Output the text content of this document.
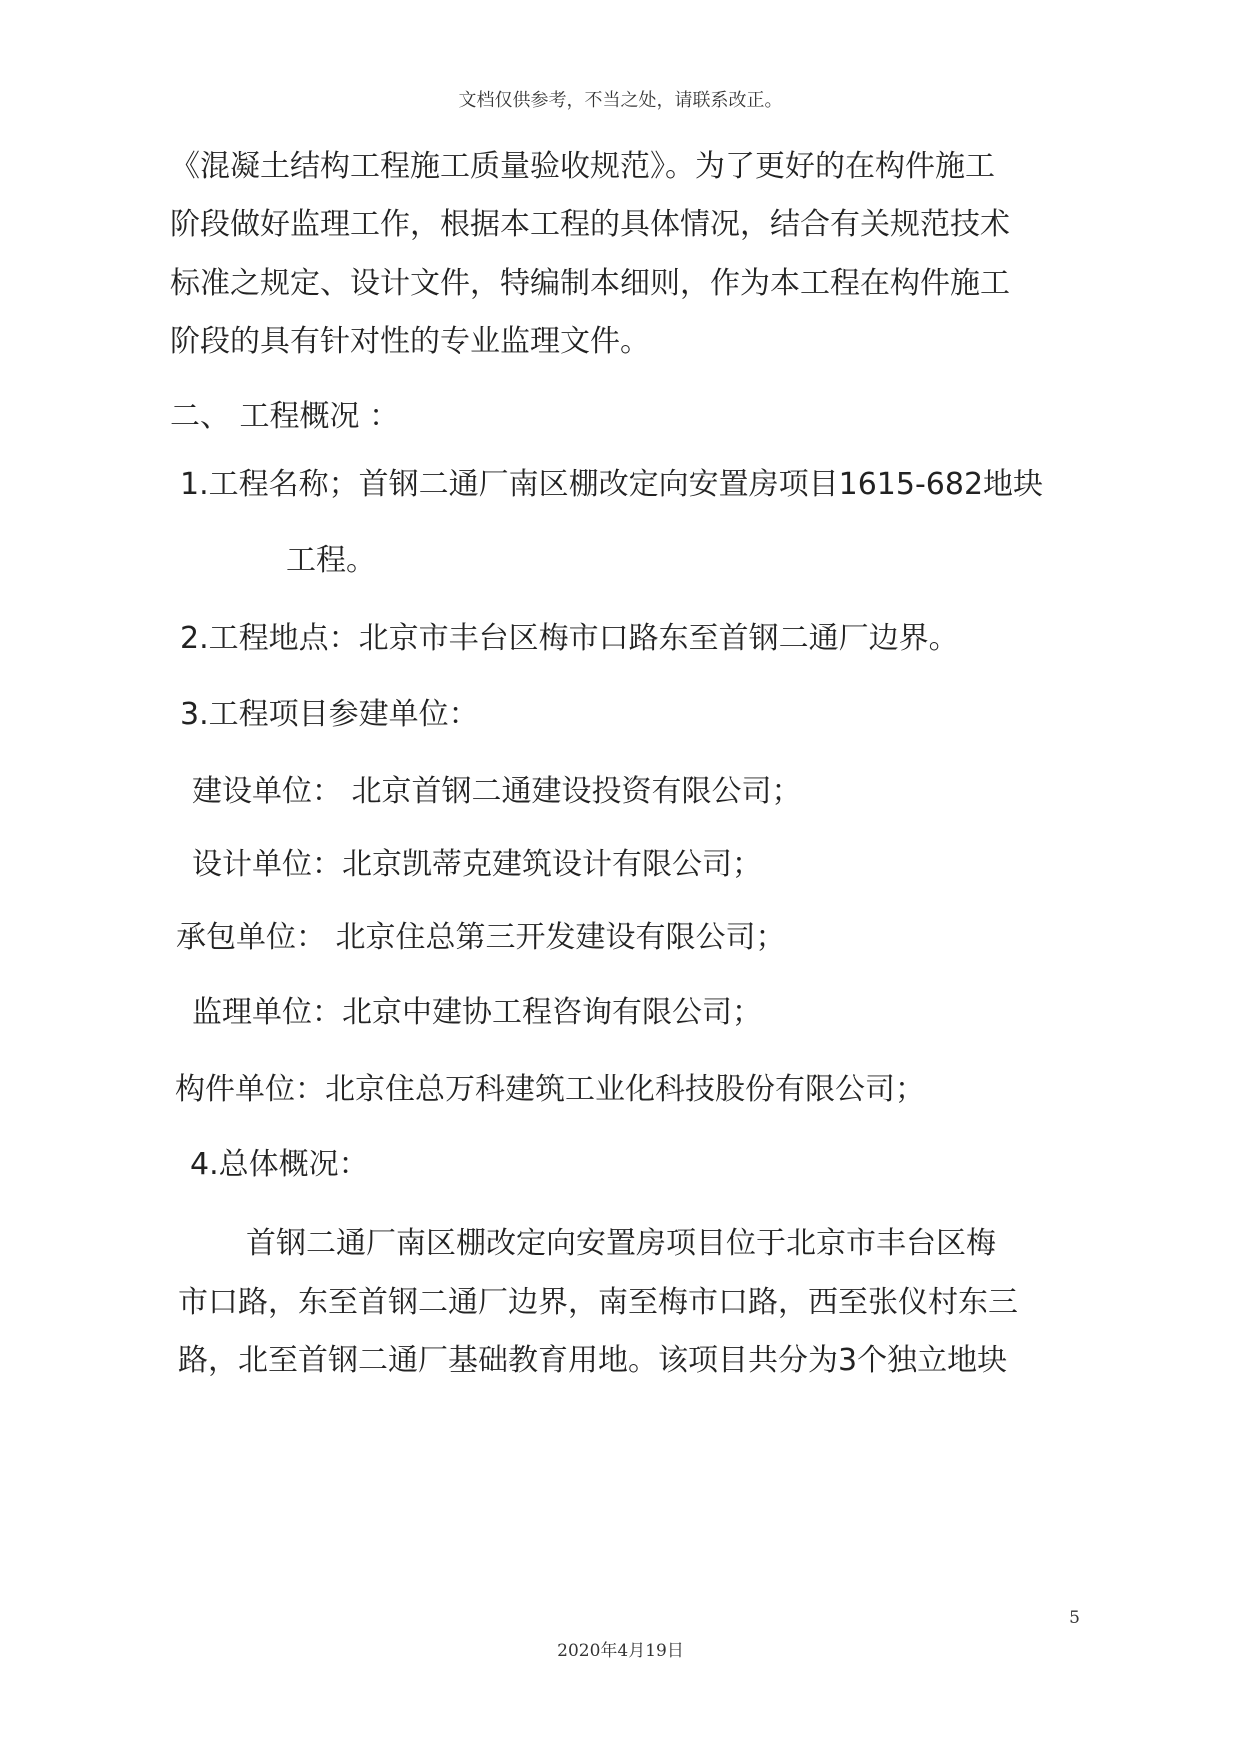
文档仅供参考，不当之处，请联系改正。
《混凝土结构工程施工质量验收规范》。为了更好的在构件施工
阶段做好监理工作，根据本工程的具体情况，结合有关规范技术
标准之规定、设计文件，特编制本细则，作为本工程在构件施工
阶段的具有针对性的专业监理文件。
二、 工程概况 ：
1.工程名称；首钢二通厂南区棚改定向安置房项目1615-682地块
工程。
2.工程地点：北京市丰台区梅市口路东至首钢二通厂边界。
3.工程项目参建单位：
建设单位： 北京首钢二通建设投资有限公司；
设计单位：北京凯蒂克建筑设计有限公司；
承包单位： 北京住总第三开发建设有限公司；
监理单位：北京中建协工程咨询有限公司；
构件单位：北京住总万科建筑工业化科技股份有限公司；
4.总体概况：
首钢二通厂南区棚改定向安置房项目位于北京市丰台区梅
市口路，东至首钢二通厂边界，南至梅市口路，西至张仪村东三
路，北至首钢二通厂基础教育用地。该项目共分为3个独立地块
5
2020年4月19日
